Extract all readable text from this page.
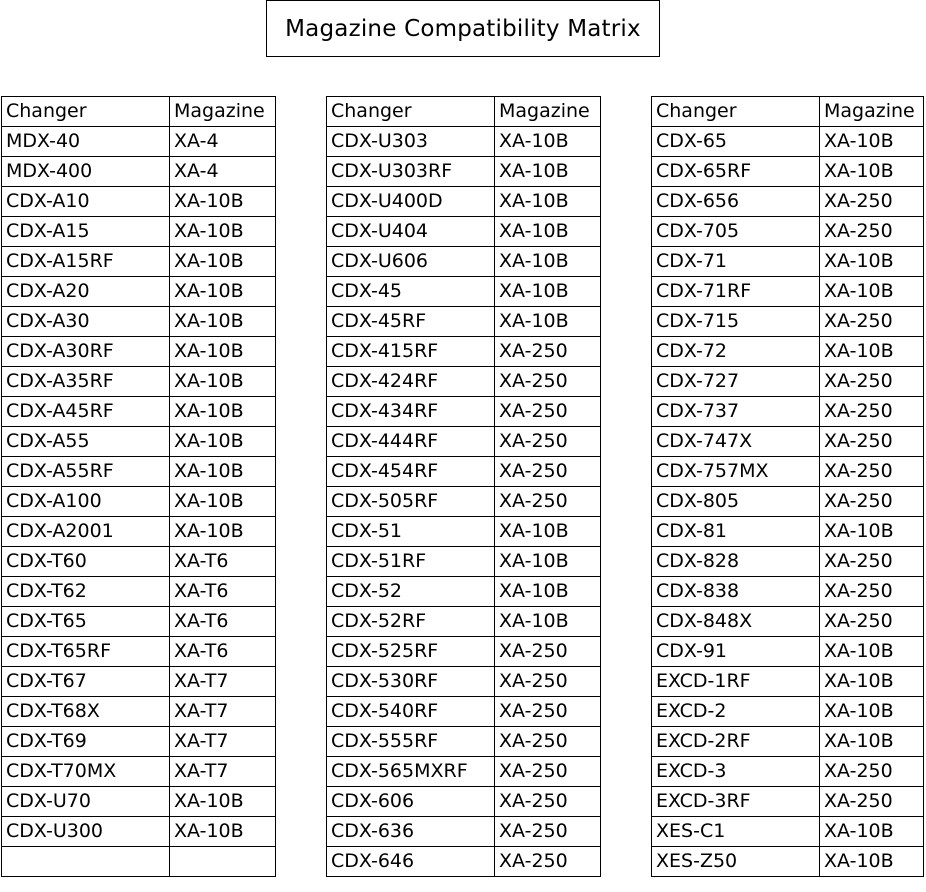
Magazine Compatibility Matrix
Changer	Magazine
MDX-40	XA-4
MDX-400	XA-4
CDX-A10	XA-10B
CDX-A15	XA-10B
CDX-A15RF	XA-10B
CDX-A20	XA-10B
CDX-A30	XA-10B
CDX-A30RF	XA-10B
CDX-A35RF	XA-10B
CDX-A45RF	XA-10B
CDX-A55	XA-10B
CDX-A55RF	XA-10B
CDX-A100	XA-10B
CDX-A2001	XA-10B
CDX-T60	XA-T6
CDX-T62	XA-T6
CDX-T65	XA-T6
CDX-T65RF	XA-T6
CDX-T67	XA-T7
CDX-T68X	XA-T7
CDX-T69	XA-T7
CDX-T70MX	XA-T7
CDX-U70	XA-10B
CDX-U300	XA-10B

Changer	Magazine
CDX-U303	XA-10B
CDX-U303RF	XA-10B
CDX-U400D	XA-10B
CDX-U404	XA-10B
CDX-U606	XA-10B
CDX-45	XA-10B
CDX-45RF	XA-10B
CDX-415RF	XA-250
CDX-424RF	XA-250
CDX-434RF	XA-250
CDX-444RF	XA-250
CDX-454RF	XA-250
CDX-505RF	XA-250
CDX-51	XA-10B
CDX-51RF	XA-10B
CDX-52	XA-10B
CDX-52RF	XA-10B
CDX-525RF	XA-250
CDX-530RF	XA-250
CDX-540RF	XA-250
CDX-555RF	XA-250
CDX-565MXRF	XA-250
CDX-606	XA-250
CDX-636	XA-250
CDX-646	XA-250
Changer	Magazine
CDX-65	XA-10B
CDX-65RF	XA-10B
CDX-656	XA-250
CDX-705	XA-250
CDX-71	XA-10B
CDX-71RF	XA-10B
CDX-715	XA-250
CDX-72	XA-10B
CDX-727	XA-250
CDX-737	XA-250
CDX-747X	XA-250
CDX-757MX	XA-250
CDX-805	XA-250
CDX-81	XA-10B
CDX-828	XA-250
CDX-838	XA-250
CDX-848X	XA-250
CDX-91	XA-10B
EXCD-1RF	XA-10B
EXCD-2	XA-10B
EXCD-2RF	XA-10B
EXCD-3	XA-250
EXCD-3RF	XA-250
XES-C1	XA-10B
XES-Z50	XA-10B
